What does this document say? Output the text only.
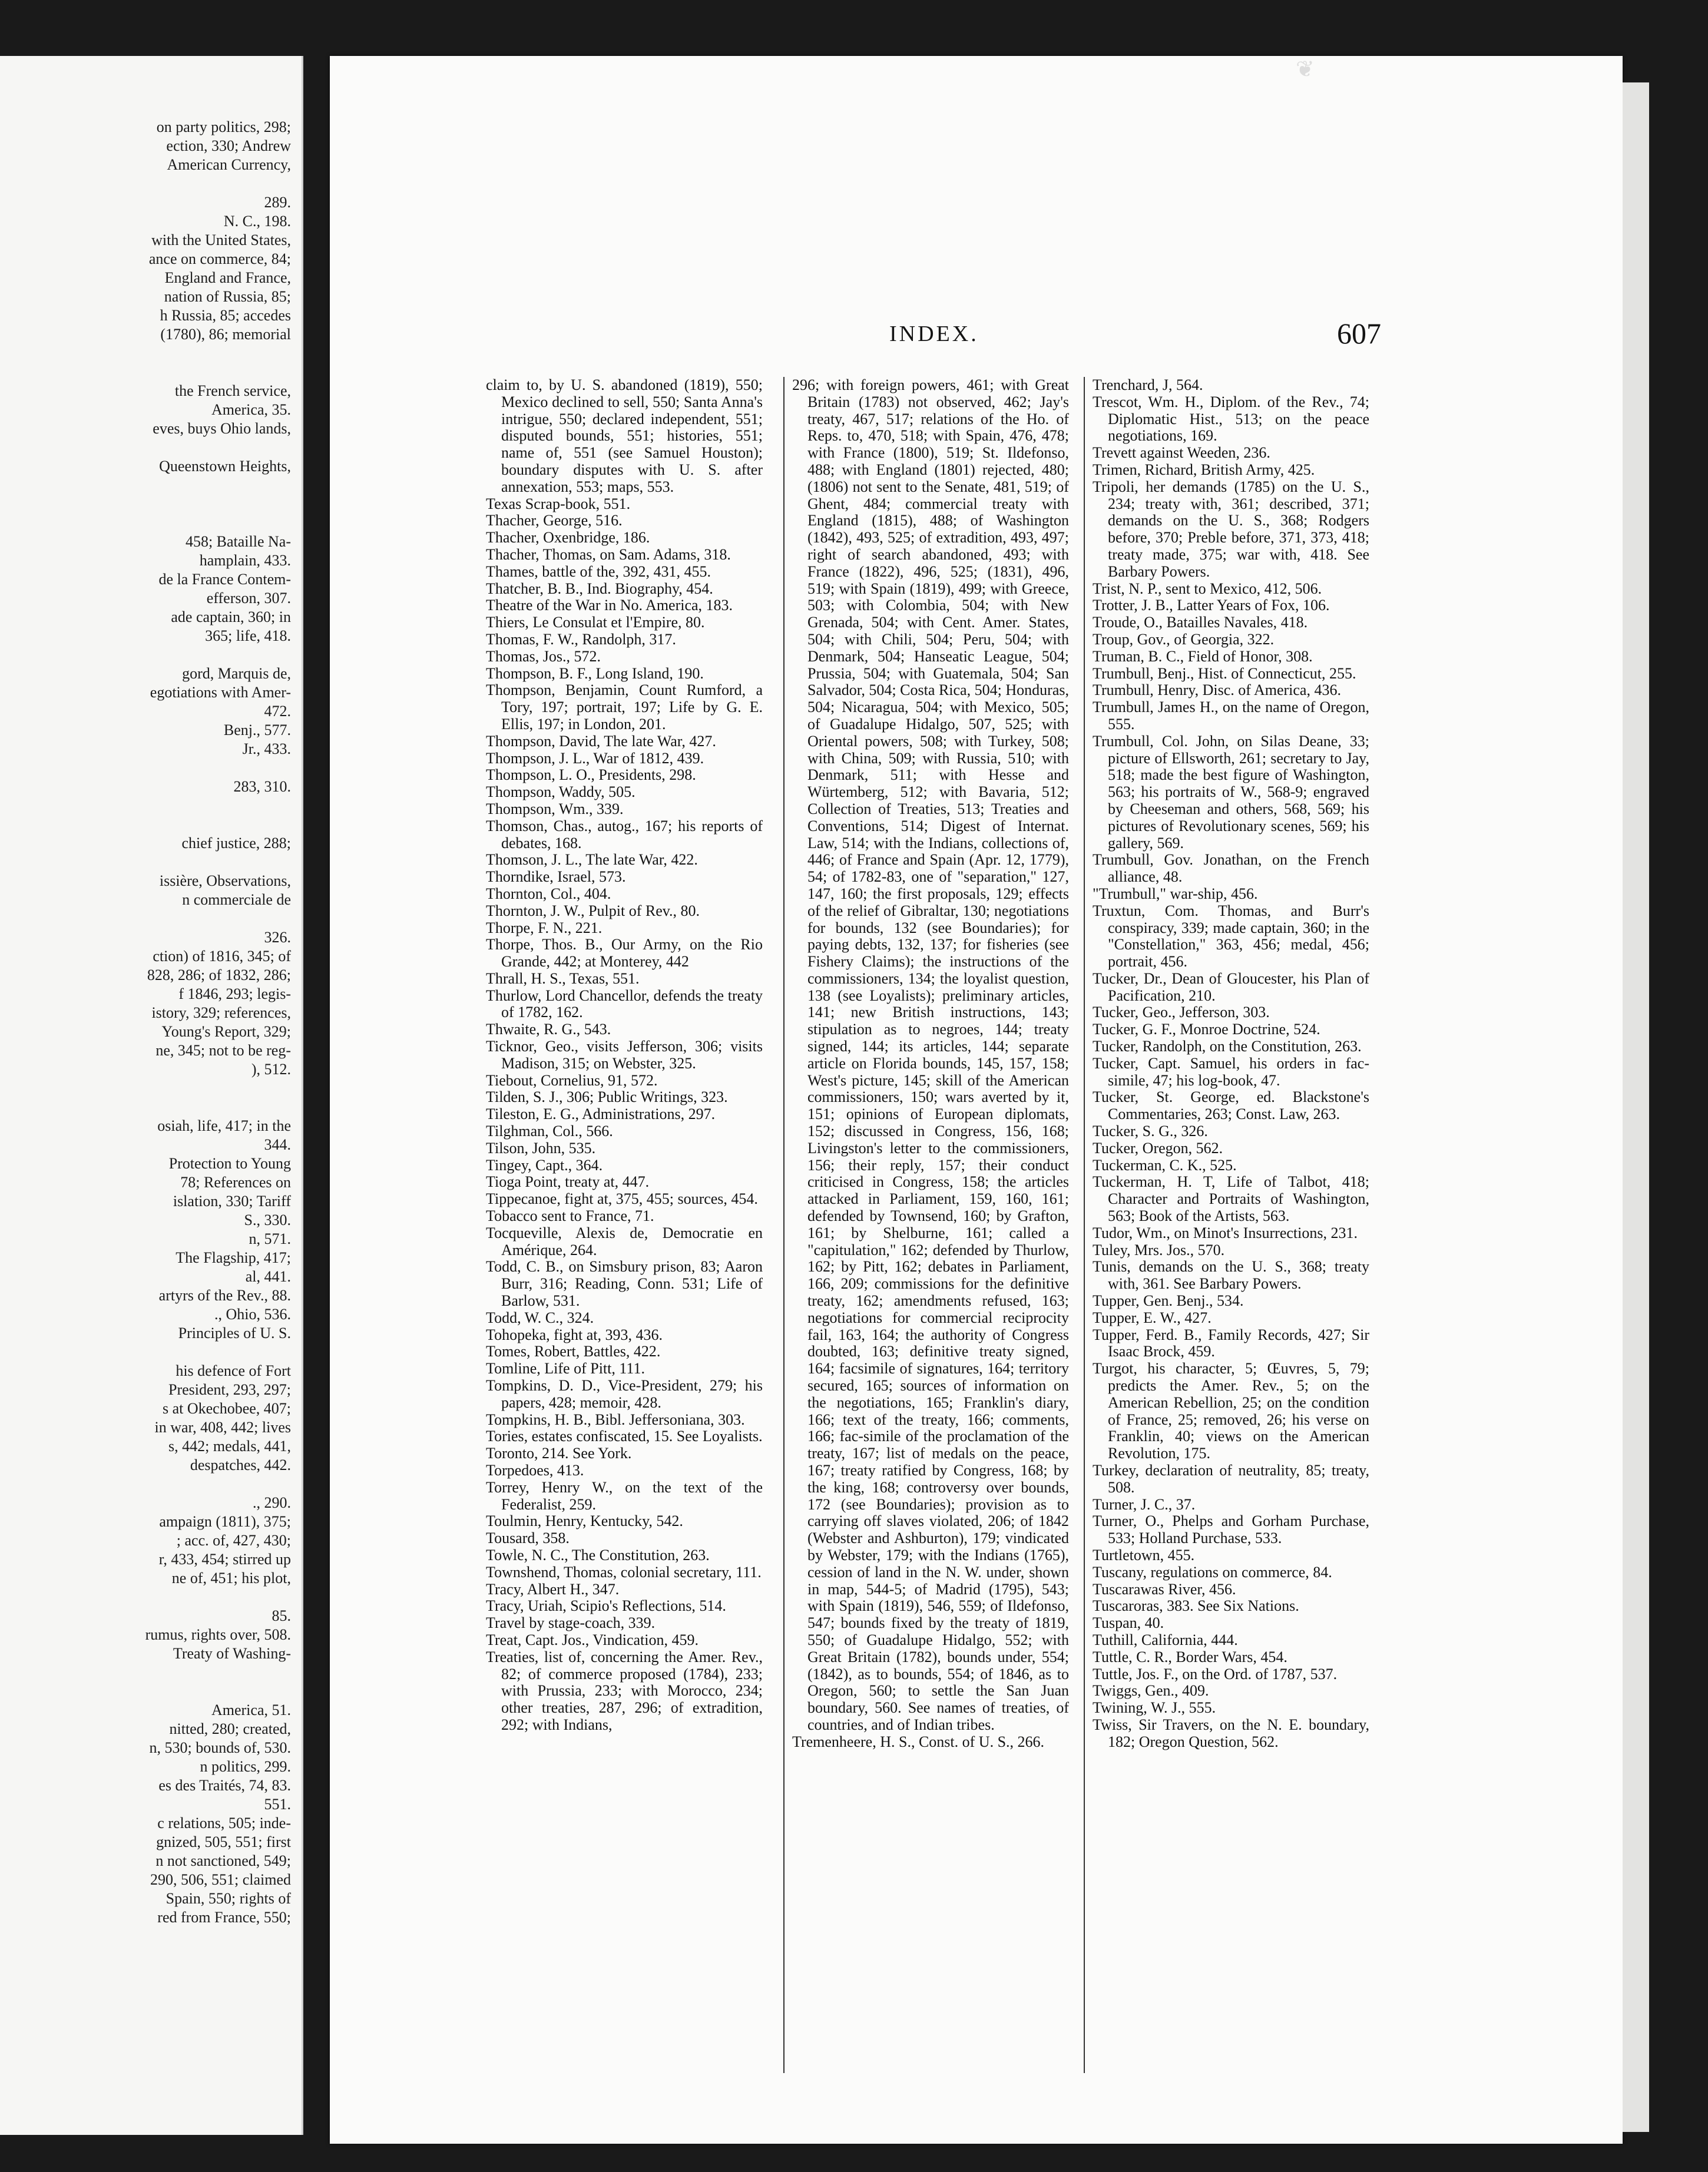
on party politics, 298;
ection, 330; Andrew
American Currency,
289.
N. C., 198.
with the United States,
ance on commerce, 84;
England and France,
nation of Russia, 85;
h Russia, 85; accedes
(1780), 86; memorial
the French service,
America, 35.
eves, buys Ohio lands,
Queenstown Heights,
458; Bataille Na-
hamplain, 433.
de la France Contem-
efferson, 307.
ade captain, 360; in
365; life, 418.
gord, Marquis de,
egotiations with Amer-
472.
Benj., 577.
Jr., 433.
283, 310.
chief justice, 288;
issière, Observations,
n commerciale de
326.
ction) of 1816, 345; of
828, 286; of 1832, 286;
f 1846, 293; legis-
istory, 329; references,
Young's Report, 329;
ne, 345; not to be reg-
), 512.
osiah, life, 417; in the
344.
Protection to Young
78; References on
islation, 330; Tariff
S., 330.
n, 571.
The Flagship, 417;
al, 441.
artyrs of the Rev., 88.
., Ohio, 536.
Principles of U. S.
his defence of Fort
President, 293, 297;
s at Okechobee, 407;
in war, 408, 442; lives
s, 442; medals, 441,
despatches, 442.
., 290.
ampaign (1811), 375;
; acc. of, 427, 430;
r, 433, 454; stirred up
ne of, 451; his plot,
85.
rumus, rights over, 508.
Treaty of Washing-
America, 51.
nitted, 280; created,
n, 530; bounds of, 530.
n politics, 299.
es des Traités, 74, 83.
551.
c relations, 505; inde-
gnized, 505, 551; first
n not sanctioned, 549;
290, 506, 551; claimed
Spain, 550; rights of
red from France, 550;
❦
INDEX.	607

claim to, by U. S. abandoned (1819), 550; Mexico declined to sell, 550; Santa Anna's intrigue, 550; declared independent, 551; disputed bounds, 551; histories, 551; name of, 551 (see Samuel Houston); boundary disputes with U. S. after annexation, 553; maps, 553.

Texas Scrap-book, 551.

Thacher, George, 516.

Thacher, Oxenbridge, 186.

Thacher, Thomas, on Sam. Adams, 318.

Thames, battle of the, 392, 431, 455.

Thatcher, B. B., Ind. Biography, 454.

Theatre of the War in No. America, 183.

Thiers, Le Consulat et l'Empire, 80.

Thomas, F. W., Randolph, 317.

Thomas, Jos., 572.

Thompson, B. F., Long Island, 190.

Thompson, Benjamin, Count Rumford, a Tory, 197; portrait, 197; Life by G. E. Ellis, 197; in London, 201.

Thompson, David, The late War, 427.

Thompson, J. L., War of 1812, 439.

Thompson, L. O., Presidents, 298.

Thompson, Waddy, 505.

Thompson, Wm., 339.

Thomson, Chas., autog., 167; his reports of debates, 168.

Thomson, J. L., The late War, 422.

Thorndike, Israel, 573.

Thornton, Col., 404.

Thornton, J. W., Pulpit of Rev., 80.

Thorpe, F. N., 221.

Thorpe, Thos. B., Our Army, on the Rio Grande, 442; at Monterey, 442

Thrall, H. S., Texas, 551.

Thurlow, Lord Chancellor, defends the treaty of 1782, 162.

Thwaite, R. G., 543.

Ticknor, Geo., visits Jefferson, 306; visits Madison, 315; on Webster, 325.

Tiebout, Cornelius, 91, 572.

Tilden, S. J., 306; Public Writings, 323.

Tileston, E. G., Administrations, 297.

Tilghman, Col., 566.

Tilson, John, 535.

Tingey, Capt., 364.

Tioga Point, treaty at, 447.

Tippecanoe, fight at, 375, 455; sources, 454.

Tobacco sent to France, 71.

Tocqueville, Alexis de, Democratie en Amérique, 264.

Todd, C. B., on Simsbury prison, 83; Aaron Burr, 316; Reading, Conn. 531; Life of Barlow, 531.

Todd, W. C., 324.

Tohopeka, fight at, 393, 436.

Tomes, Robert, Battles, 422.

Tomline, Life of Pitt, 111.

Tompkins, D. D., Vice-President, 279; his papers, 428; memoir, 428.

Tompkins, H. B., Bibl. Jeffersoniana, 303.

Tories, estates confiscated, 15. See Loyalists.

Toronto, 214. See York.

Torpedoes, 413.

Torrey, Henry W., on the text of the Federalist, 259.

Toulmin, Henry, Kentucky, 542.

Tousard, 358.

Towle, N. C., The Constitution, 263.

Townshend, Thomas, colonial secretary, 111.

Tracy, Albert H., 347.

Tracy, Uriah, Scipio's Reflections, 514.

Travel by stage-coach, 339.

Treat, Capt. Jos., Vindication, 459.

Treaties, list of, concerning the Amer. Rev., 82; of commerce proposed (1784), 233; with Prussia, 233; with Morocco, 234; other treaties, 287, 296; of extradition, 292; with Indians,

296; with foreign powers, 461; with Great Britain (1783) not observed, 462; Jay's treaty, 467, 517; relations of the Ho. of Reps. to, 470, 518; with Spain, 476, 478; with France (1800), 519; St. Ildefonso, 488; with England (1801) rejected, 480; (1806) not sent to the Senate, 481, 519; of Ghent, 484; commercial treaty with England (1815), 488; of Washington (1842), 493, 525; of extradition, 493, 497; right of search abandoned, 493; with France (1822), 496, 525; (1831), 496, 519; with Spain (1819), 499; with Greece, 503; with Colombia, 504; with New Grenada, 504; with Cent. Amer. States, 504; with Chili, 504; Peru, 504; with Denmark, 504; Hanseatic League, 504; Prussia, 504; with Guatemala, 504; San Salvador, 504; Costa Rica, 504; Honduras, 504; Nicaragua, 504; with Mexico, 505; of Guadalupe Hidalgo, 507, 525; with Oriental powers, 508; with Turkey, 508; with China, 509; with Russia, 510; with Denmark, 511; with Hesse and Würtemberg, 512; with Bavaria, 512; Collection of Treaties, 513; Treaties and Conventions, 514; Digest of Internat. Law, 514; with the Indians, collections of, 446; of France and Spain (Apr. 12, 1779), 54; of 1782-83, one of "separation," 127, 147, 160; the first proposals, 129; effects of the relief of Gibraltar, 130; negotiations for bounds, 132 (see Boundaries); for paying debts, 132, 137; for fisheries (see Fishery Claims); the instructions of the commissioners, 134; the loyalist question, 138 (see Loyalists); preliminary articles, 141; new British instructions, 143; stipulation as to negroes, 144; treaty signed, 144; its articles, 144; separate article on Florida bounds, 145, 157, 158; West's picture, 145; skill of the American commissioners, 150; wars averted by it, 151; opinions of European diplomats, 152; discussed in Congress, 156, 168; Livingston's letter to the commissioners, 156; their reply, 157; their conduct criticised in Congress, 158; the articles attacked in Parliament, 159, 160, 161; defended by Townsend, 160; by Grafton, 161; by Shelburne, 161; called a "capitulation," 162; defended by Thurlow, 162; by Pitt, 162; debates in Parliament, 166, 209; commissions for the definitive treaty, 162; amendments refused, 163; negotiations for commercial reciprocity fail, 163, 164; the authority of Congress doubted, 163; definitive treaty signed, 164; facsimile of signatures, 164; territory secured, 165; sources of information on the negotiations, 165; Franklin's diary, 166; text of the treaty, 166; comments, 166; fac-simile of the proclamation of the treaty, 167; list of medals on the peace, 167; treaty ratified by Congress, 168; by the king, 168; controversy over bounds, 172 (see Boundaries); provision as to carrying off slaves violated, 206; of 1842 (Webster and Ashburton), 179; vindicated by Webster, 179; with the Indians (1765), cession of land in the N. W. under, shown in map, 544-5; of Madrid (1795), 543; with Spain (1819), 546, 559; of Ildefonso, 547; bounds fixed by the treaty of 1819, 550; of Guadalupe Hidalgo, 552; with Great Britain (1782), bounds under, 554; (1842), as to bounds, 554; of 1846, as to Oregon, 560; to settle the San Juan boundary, 560. See names of treaties, of countries, and of Indian tribes.

Tremenheere, H. S., Const. of U. S., 266.

Trenchard, J, 564.

Trescot, Wm. H., Diplom. of the Rev., 74; Diplomatic Hist., 513; on the peace negotiations, 169.

Trevett against Weeden, 236.

Trimen, Richard, British Army, 425.

Tripoli, her demands (1785) on the U. S., 234; treaty with, 361; described, 371; demands on the U. S., 368; Rodgers before, 370; Preble before, 371, 373, 418; treaty made, 375; war with, 418. See Barbary Powers.

Trist, N. P., sent to Mexico, 412, 506.

Trotter, J. B., Latter Years of Fox, 106.

Troude, O., Batailles Navales, 418.

Troup, Gov., of Georgia, 322.

Truman, B. C., Field of Honor, 308.

Trumbull, Benj., Hist. of Connecticut, 255.

Trumbull, Henry, Disc. of America, 436.

Trumbull, James H., on the name of Oregon, 555.

Trumbull, Col. John, on Silas Deane, 33; picture of Ellsworth, 261; secretary to Jay, 518; made the best figure of Washington, 563; his portraits of W., 568-9; engraved by Cheeseman and others, 568, 569; his pictures of Revolutionary scenes, 569; his gallery, 569.

Trumbull, Gov. Jonathan, on the French alliance, 48.

"Trumbull," war-ship, 456.

Truxtun, Com. Thomas, and Burr's conspiracy, 339; made captain, 360; in the "Constellation," 363, 456; medal, 456; portrait, 456.

Tucker, Dr., Dean of Gloucester, his Plan of Pacification, 210.

Tucker, Geo., Jefferson, 303.

Tucker, G. F., Monroe Doctrine, 524.

Tucker, Randolph, on the Constitution, 263.

Tucker, Capt. Samuel, his orders in fac-simile, 47; his log-book, 47.

Tucker, St. George, ed. Blackstone's Commentaries, 263; Const. Law, 263.

Tucker, S. G., 326.

Tucker, Oregon, 562.

Tuckerman, C. K., 525.

Tuckerman, H. T, Life of Talbot, 418; Character and Portraits of Washington, 563; Book of the Artists, 563.

Tudor, Wm., on Minot's Insurrections, 231.

Tuley, Mrs. Jos., 570.

Tunis, demands on the U. S., 368; treaty with, 361. See Barbary Powers.

Tupper, Gen. Benj., 534.

Tupper, E. W., 427.

Tupper, Ferd. B., Family Records, 427; Sir Isaac Brock, 459.

Turgot, his character, 5; Œuvres, 5, 79; predicts the Amer. Rev., 5; on the American Rebellion, 25; on the condition of France, 25; removed, 26; his verse on Franklin, 40; views on the American Revolution, 175.

Turkey, declaration of neutrality, 85; treaty, 508.

Turner, J. C., 37.

Turner, O., Phelps and Gorham Purchase, 533; Holland Purchase, 533.

Turtletown, 455.

Tuscany, regulations on commerce, 84.

Tuscarawas River, 456.

Tuscaroras, 383. See Six Nations.

Tuspan, 40.

Tuthill, California, 444.

Tuttle, C. R., Border Wars, 454.

Tuttle, Jos. F., on the Ord. of 1787, 537.

Twiggs, Gen., 409.

Twining, W. J., 555.

Twiss, Sir Travers, on the N. E. boundary, 182; Oregon Question, 562.
